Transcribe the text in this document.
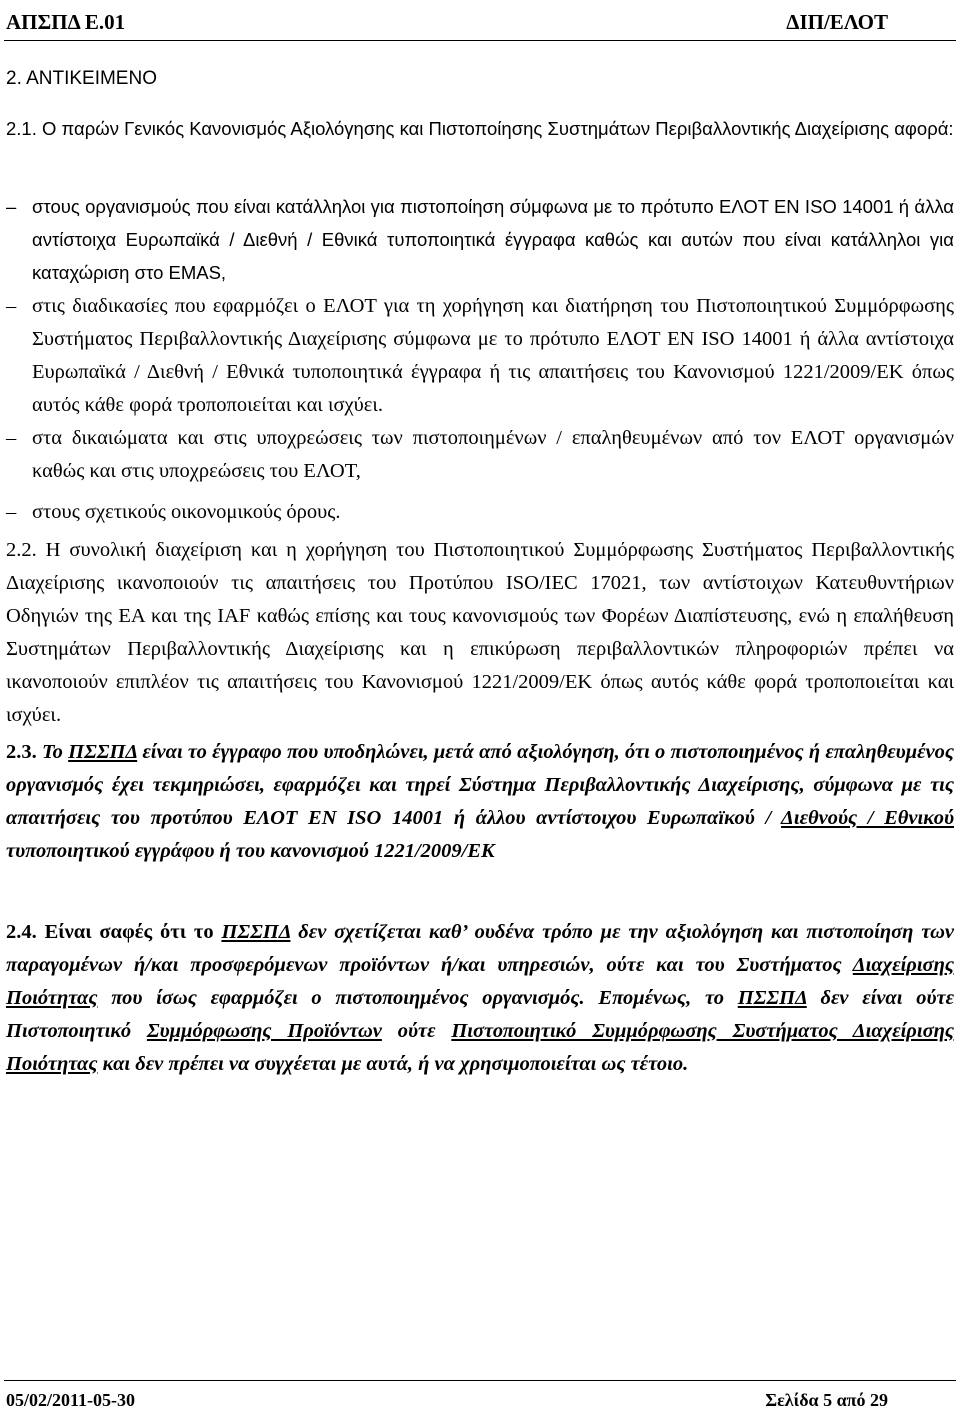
ΑΠΣΠΔ Ε.01	ΔΙΠ/ΕΛΟΤ
2. ΑΝΤΙΚΕΙΜΕΝΟ
2.1. Ο παρών Γενικός Κανονισμός Αξιολόγησης και Πιστοποίησης Συστημάτων Περιβαλλοντικής Διαχείρισης αφορά:
– στους οργανισμούς που είναι κατάλληλοι για πιστοποίηση σύμφωνα με το πρότυπο ΕΛΟΤ ΕΝ ISO 14001 ή άλλα αντίστοιχα Ευρωπαϊκά / Διεθνή / Εθνικά τυποποιητικά έγγραφα καθώς και αυτών που είναι κατάλληλοι για καταχώριση στο EMAS,
– στις διαδικασίες που εφαρμόζει ο ΕΛΟΤ για τη χορήγηση και διατήρηση του Πιστοποιητικού Συμμόρφωσης Συστήματος Περιβαλλοντικής Διαχείρισης σύμφωνα με το πρότυπο ΕΛΟΤ ΕΝ ISO 14001 ή άλλα αντίστοιχα Ευρωπαϊκά / Διεθνή / Εθνικά τυποποιητικά έγγραφα ή τις απαιτήσεις του Κανονισμού 1221/2009/ΕΚ όπως αυτός κάθε φορά τροποποιείται και ισχύει.
– στα δικαιώματα και στις υποχρεώσεις των πιστοποιημένων / επαληθευμένων από τον ΕΛΟΤ οργανισμών καθώς και στις υποχρεώσεις του ΕΛΟΤ,
– στους σχετικούς οικονομικούς όρους.
2.2. Η συνολική διαχείριση και η χορήγηση του Πιστοποιητικού Συμμόρφωσης Συστήματος Περιβαλλοντικής Διαχείρισης ικανοποιούν τις απαιτήσεις του Προτύπου ISO/IEC 17021, των αντίστοιχων Κατευθυντήριων Οδηγιών της ΕΑ και της IAF καθώς επίσης και τους κανονισμούς των Φορέων Διαπίστευσης, ενώ η επαλήθευση Συστημάτων Περιβαλλοντικής Διαχείρισης και η επικύρωση περιβαλλοντικών πληροφοριών πρέπει να ικανοποιούν επιπλέον τις απαιτήσεις του Κανονισμού 1221/2009/ΕΚ όπως αυτός κάθε φορά τροποποιείται και ισχύει.
2.3. Το ΠΣΣΠΔ είναι το έγγραφο που υποδηλώνει, μετά από αξιολόγηση, ότι ο πιστοποιημένος ή επαληθευμένος οργανισμός έχει τεκμηριώσει, εφαρμόζει και τηρεί Σύστημα Περιβαλλοντικής Διαχείρισης, σύμφωνα με τις απαιτήσεις του προτύπου ΕΛΟΤ ΕΝ ISO 14001 ή άλλου αντίστοιχου Ευρωπαϊκού / Διεθνούς / Εθνικού τυποποιητικού εγγράφου ή του κανονισμού 1221/2009/ΕΚ
2.4. Είναι σαφές ότι το ΠΣΣΠΔ δεν σχετίζεται καθ’ ουδένα τρόπο με την αξιολόγηση και πιστοποίηση των παραγομένων ή/και προσφερόμενων προϊόντων ή/και υπηρεσιών, ούτε και του Συστήματος Διαχείρισης Ποιότητας που ίσως εφαρμόζει ο πιστοποιημένος οργανισμός. Επομένως, το ΠΣΣΠΔ δεν είναι ούτε Πιστοποιητικό Συμμόρφωσης Προϊόντων ούτε Πιστοποιητικό Συμμόρφωσης Συστήματος Διαχείρισης Ποιότητας και δεν πρέπει να συγχέεται με αυτά, ή να χρησιμοποιείται ως τέτοιο.
05/02/2011-05-30	Σελίδα 5 από 29
